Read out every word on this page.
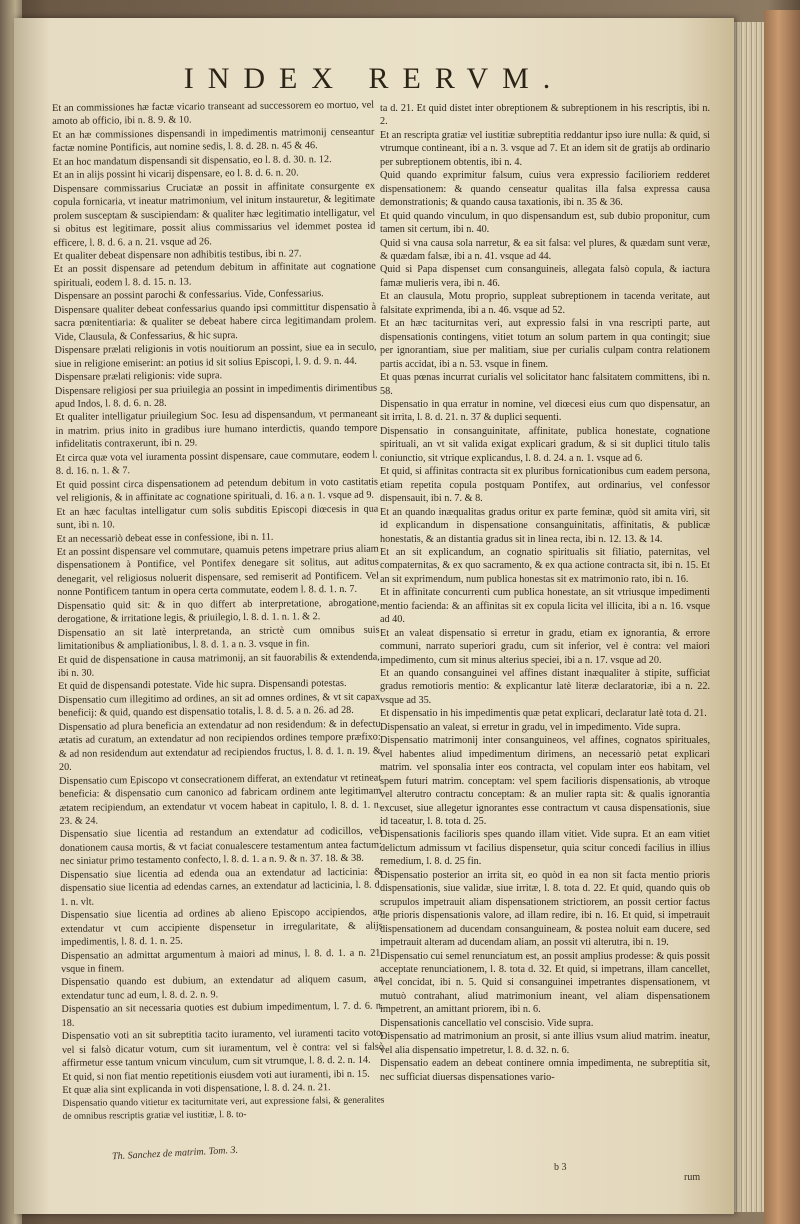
INDEX RERVM.

Et an commissiones hæ factæ vicario transeant ad successorem eo mortuo, vel amoto ab officio, ibi n. 8. 9. & 10.

Et an hæ commissiones dispensandi in impedimentis matrimonij censeantur factæ nomine Pontificis, aut nomine sedis, l. 8. d. 28. n. 45 & 46.

Et an hoc mandatum dispensandi sit dispensatio, eo l. 8. d. 30. n. 12.

Et an in alijs possint hi vicarij dispensare, eo l. 8. d. 6. n. 20.

Dispensare commissarius Cruciatæ an possit in affinitate consurgente ex copula fornicaria, vt ineatur matrimonium, vel initum instauretur, & legitimate prolem susceptam & suscipiendam: & qualiter hæc legitimatio intelligatur, vel si obitus est legitimare, possit alius commissarius vel idemmet postea id efficere, l. 8. d. 6. a n. 21. vsque ad 26.

Et qualiter debeat dispensare non adhibitis testibus, ibi n. 27.

Et an possit dispensare ad petendum debitum in affinitate aut cognatione spirituali, eodem l. 8. d. 15. n. 13.

Dispensare an possint parochi & confessarius. Vide, Confessarius.

Dispensare qualiter debeat confessarius quando ipsi committitur dispensatio à sacra pœnitentiaria: & qualiter se debeat habere circa legitimandam prolem. Vide, Clausula, & Confessarius, & hic supra.

Dispensare prælati religionis in votis nouitiorum an possint, siue ea in seculo, siue in religione emiserint: an potius id sit solius Episcopi, l. 9. d. 9. n. 44.

Dispensare prælati religionis: vide supra.

Dispensare religiosi per sua priuilegia an possint in impedimentis dirimentibus apud Indos, l. 8. d. 6. n. 28.

Et qualiter intelligatur priuilegium Soc. Iesu ad dispensandum, vt permaneant in matrim. prius inito in gradibus iure humano interdictis, quando tempore infidelitatis contraxerunt, ibi n. 29.

Et circa quæ vota vel iuramenta possint dispensare, caue commutare, eodem l. 8. d. 16. n. 1. & 7.

Et quid possint circa dispensationem ad petendum debitum in voto castitatis vel religionis, & in affinitate ac cognatione spirituali, d. 16. a n. 1. vsque ad 9.

Et an hæc facultas intelligatur cum solis subditis Episcopi diœcesis in qua sunt, ibi n. 10.

Et an necessariò debeat esse in confessione, ibi n. 11.

Et an possint dispensare vel commutare, quamuis petens impetrare prius aliam dispensationem à Pontifice, vel Pontifex denegare sit solitus, aut aditus denegarit, vel religiosus noluerit dispensare, sed remiserit ad Pontificem. Vel nonne Pontificem tantum in opera certa commutate, eodem l. 8. d. 1. n. 7.

Dispensatio quid sit: & in quo differt ab interpretatione, abrogatione, derogatione, & irritatione legis, & priuilegio, l. 8. d. 1. n. 1. & 2.

Dispensatio an sit latè interpretanda, an strictè cum omnibus suis limitationibus & ampliationibus, l. 8. d. 1. a n. 3. vsque in fin.

Et quid de dispensatione in causa matrimonij, an sit fauorabilis & extendenda, ibi n. 30.

Et quid de dispensandi potestate. Vide hic supra. Dispensandi potestas.

Dispensatio cum illegitimo ad ordines, an sit ad omnes ordines, & vt sit capax beneficij: & quid, quando est dispensatio totalis, l. 8. d. 5. a n. 26. ad 28.

Dispensatio ad plura beneficia an extendatur ad non residendum: & in defectu ætatis ad curatum, an extendatur ad non recipiendos ordines tempore præfixo: & ad non residendum aut extendatur ad recipiendos fructus, l. 8. d. 1. n. 19. & 20.

Dispensatio cum Episcopo vt consecrationem differat, an extendatur vt retineat beneficia: & dispensatio cum canonico ad fabricam ordinem ante legitimam ætatem recipiendum, an extendatur vt vocem habeat in capitulo, l. 8. d. 1. n. 23. & 24.

Dispensatio siue licentia ad restandum an extendatur ad codicillos, vel donationem causa mortis, & vt faciat conualescere testamentum antea factum: nec siniatur primo testamento confecto, l. 8. d. 1. a n. 9. & n. 37. 18. & 38.

Dispensatio siue licentia ad edenda oua an extendatur ad lacticinia: & dispensatio siue licentia ad edendas carnes, an extendatur ad lacticinia, l. 8. d. 1. n. vlt.

Dispensatio siue licentia ad ordines ab alieno Episcopo accipiendos, an extendatur vt cum accipiente dispensetur in irregularitate, & alijs impedimentis, l. 8. d. 1. n. 25.

Dispensatio an admittat argumentum à maiori ad minus, l. 8. d. 1. a n. 21. vsque in finem.

Dispensatio quando est dubium, an extendatur ad aliquem casum, an extendatur tunc ad eum, l. 8. d. 2. n. 9.

Dispensatio an sit necessaria quoties est dubium impedimentum, l. 7. d. 6. n. 18.

Dispensatio voti an sit subreptitia tacito iuramento, vel iuramenti tacito voto, vel si falsò dicatur votum, cum sit iuramentum, vel è contra: vel si falsò affirmetur esse tantum vnicum vinculum, cum sit vtrumque, l. 8. d. 2. n. 14.

Et quid, si non fiat mentio repetitionis eiusdem voti aut iuramenti, ibi n. 15.

Et quæ alia sint explicanda in voti dispensatione, l. 8. d. 24. n. 21.

Dispensatio quando vitietur ex taciturnitate veri, aut expressione falsi, & generalites de omnibus rescriptis gratiæ vel iustitiæ, l. 8. to-

ta d. 21. Et quid distet inter obreptionem & subreptionem in his rescriptis, ibi n. 2.

Et an rescripta gratiæ vel iustitiæ subreptitia reddantur ipso iure nulla: & quid, si vtrumque contineant, ibi a n. 3. vsque ad 7. Et an idem sit de gratijs ab ordinario per subreptionem obtentis, ibi n. 4.

Quid quando exprimitur falsum, cuius vera expressio facilioriem redderet dispensationem: & quando censeatur qualitas illa falsa expressa causa demonstrationis; & quando causa taxationis, ibi n. 35 & 36.

Et quid quando vinculum, in quo dispensandum est, sub dubio proponitur, cum tamen sit certum, ibi n. 40.

Quid si vna causa sola narretur, & ea sit falsa: vel plures, & quædam sunt veræ, & quædam falsæ, ibi a n. 41. vsque ad 44.

Quid si Papa dispenset cum consanguineis, allegata falsò copula, & iactura famæ mulieris vera, ibi n. 46.

Et an clausula, Motu proprio, suppleat subreptionem in tacenda veritate, aut falsitate exprimenda, ibi a n. 46. vsque ad 52.

Et an hæc taciturnitas veri, aut expressio falsi in vna rescripti parte, aut dispensationis contingens, vitiet totum an solum partem in qua contingit; siue per ignorantiam, siue per malitiam, siue per curialis culpam contra relationem partis accidat, ibi a n. 53. vsque in finem.

Et quas pœnas incurrat curialis vel solicitator hanc falsitatem committens, ibi n. 58.

Dispensatio in qua erratur in nomine, vel diœcesi eius cum quo dispensatur, an sit irrita, l. 8. d. 21. n. 37 & duplici sequenti.

Dispensatio in consanguinitate, affinitate, publica honestate, cognatione spirituali, an vt sit valida exigat explicari gradum, & si sit duplici titulo talis coniunctio, sit vtrique explicandus, l. 8. d. 24. a n. 1. vsque ad 6.

Et quid, si affinitas contracta sit ex pluribus fornicationibus cum eadem persona, etiam repetita copula postquam Pontifex, aut ordinarius, vel confessor dispensauit, ibi n. 7. & 8.

Et an quando inæqualitas gradus oritur ex parte feminæ, quòd sit amita viri, sit id explicandum in dispensatione consanguinitatis, affinitatis, & publicæ honestatis, & an distantia gradus sit in linea recta, ibi n. 12. 13. & 14.

Et an sit explicandum, an cognatio spiritualis sit filiatio, paternitas, vel compaternitas, & ex quo sacramento, & ex qua actione contracta sit, ibi n. 15. Et an sit exprimendum, num publica honestas sit ex matrimonio rato, ibi n. 16.

Et in affinitate concurrenti cum publica honestate, an sit vtriusque impedimenti mentio facienda: & an affinitas sit ex copula licita vel illicita, ibi a n. 16. vsque ad 40.

Et an valeat dispensatio si erretur in gradu, etiam ex ignorantia, & errore communi, narrato superiori gradu, cum sit inferior, vel è contra: vel maiori impedimento, cum sit minus alterius speciei, ibi a n. 17. vsque ad 20.

Et an quando consanguinei vel affines distant inæqualiter à stipite, sufficiat gradus remotioris mentio: & explicantur latè literæ declaratoriæ, ibi a n. 22. vsque ad 35.

Et dispensatio in his impedimentis quæ petat explicari, declaratur latè tota d. 21.

Dispensatio an valeat, si erretur in gradu, vel in impedimento. Vide supra.

Dispensatio matrimonij inter consanguineos, vel affines, cognatos spirituales, vel habentes aliud impedimentum dirimens, an necessariò petat explicari matrim. vel sponsalia inter eos contracta, vel copulam inter eos habitam, vel spem futuri matrim. conceptam: vel spem facilioris dispensationis, ab vtroque vel alterutro contractu conceptam: & an mulier rapta sit: & qualis ignorantia excuset, siue allegetur ignorantes esse contractum vt causa dispensationis, siue id taceatur, l. 8. tota d. 25.

Dispensationis facilioris spes quando illam vitiet. Vide supra. Et an eam vitiet delictum admissum vt facilius dispensetur, quia scitur concedi facilius in illius remedium, l. 8. d. 25 fin.

Dispensatio posterior an irrita sit, eo quòd in ea non sit facta mentio prioris dispensationis, siue validæ, siue irritæ, l. 8. tota d. 22. Et quid, quando quis ob scrupulos impetrauit aliam dispensationem strictiorem, an possit certior factus de prioris dispensationis valore, ad illam redire, ibi n. 16. Et quid, si impetrauit dispensationem ad ducendam consanguineam, & postea noluit eam ducere, sed impetrauit alteram ad ducendam aliam, an possit vti alterutra, ibi n. 19.

Dispensatio cui semel renunciatum est, an possit amplius prodesse: & quis possit acceptate renunciationem, l. 8. tota d. 32. Et quid, si impetrans, illam cancellet, vel concidat, ibi n. 5. Quid si consanguinei impetrantes dispensationem, vt mutuò contrahant, aliud matrimonium ineant, vel aliam dispensationem impetrent, an amittant priorem, ibi n. 6.

Dispensationis cancellatio vel conscisio. Vide supra.

Dispensatio ad matrimonium an prosit, si ante illius vsum aliud matrim. ineatur, vel alia dispensatio impetretur, l. 8. d. 32. n. 6.

Dispensatio eadem an debeat continere omnia impedimenta, ne subreptitia sit, nec sufficiat diuersas dispensationes vario-

Th. Sanchez de matrim. Tom. 3.
b 3
rum
